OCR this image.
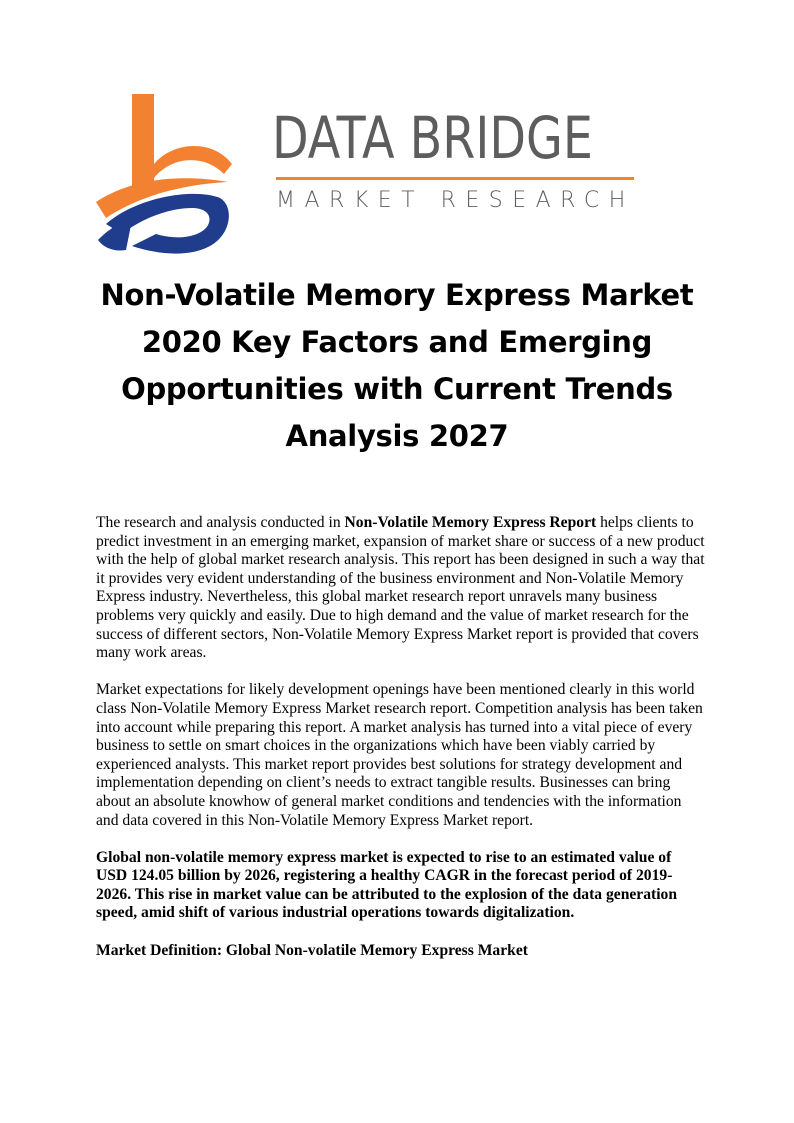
DATA BRIDGE
MARKET RESEARCH
Non-Volatile Memory Express Market 2020 Key Factors and Emerging Opportunities with Current Trends Analysis 2027

The research and analysis conducted in Non-Volatile Memory Express Report helps clients to predict investment in an emerging market, expansion of market share or success of a new product with the help of global market research analysis. This report has been designed in such a way that it provides very evident understanding of the business environment and Non-Volatile Memory Express industry. Nevertheless, this global market research report unravels many business problems very quickly and easily. Due to high demand and the value of market research for the success of different sectors, Non-Volatile Memory Express Market report is provided that covers many work areas.

Market expectations for likely development openings have been mentioned clearly in this world class Non-Volatile Memory Express Market research report. Competition analysis has been taken into account while preparing this report. A market analysis has turned into a vital piece of every business to settle on smart choices in the organizations which have been viably carried by experienced analysts. This market report provides best solutions for strategy development and implementation depending on client’s needs to extract tangible results. Businesses can bring about an absolute knowhow of general market conditions and tendencies with the information and data covered in this Non-Volatile Memory Express Market report.

Global non-volatile memory express market is expected to rise to an estimated value of USD 124.05 billion by 2026, registering a healthy CAGR in the forecast period of 2019-2026. This rise in market value can be attributed to the explosion of the data generation speed, amid shift of various industrial operations towards digitalization.

Market Definition: Global Non-volatile Memory Express Market
